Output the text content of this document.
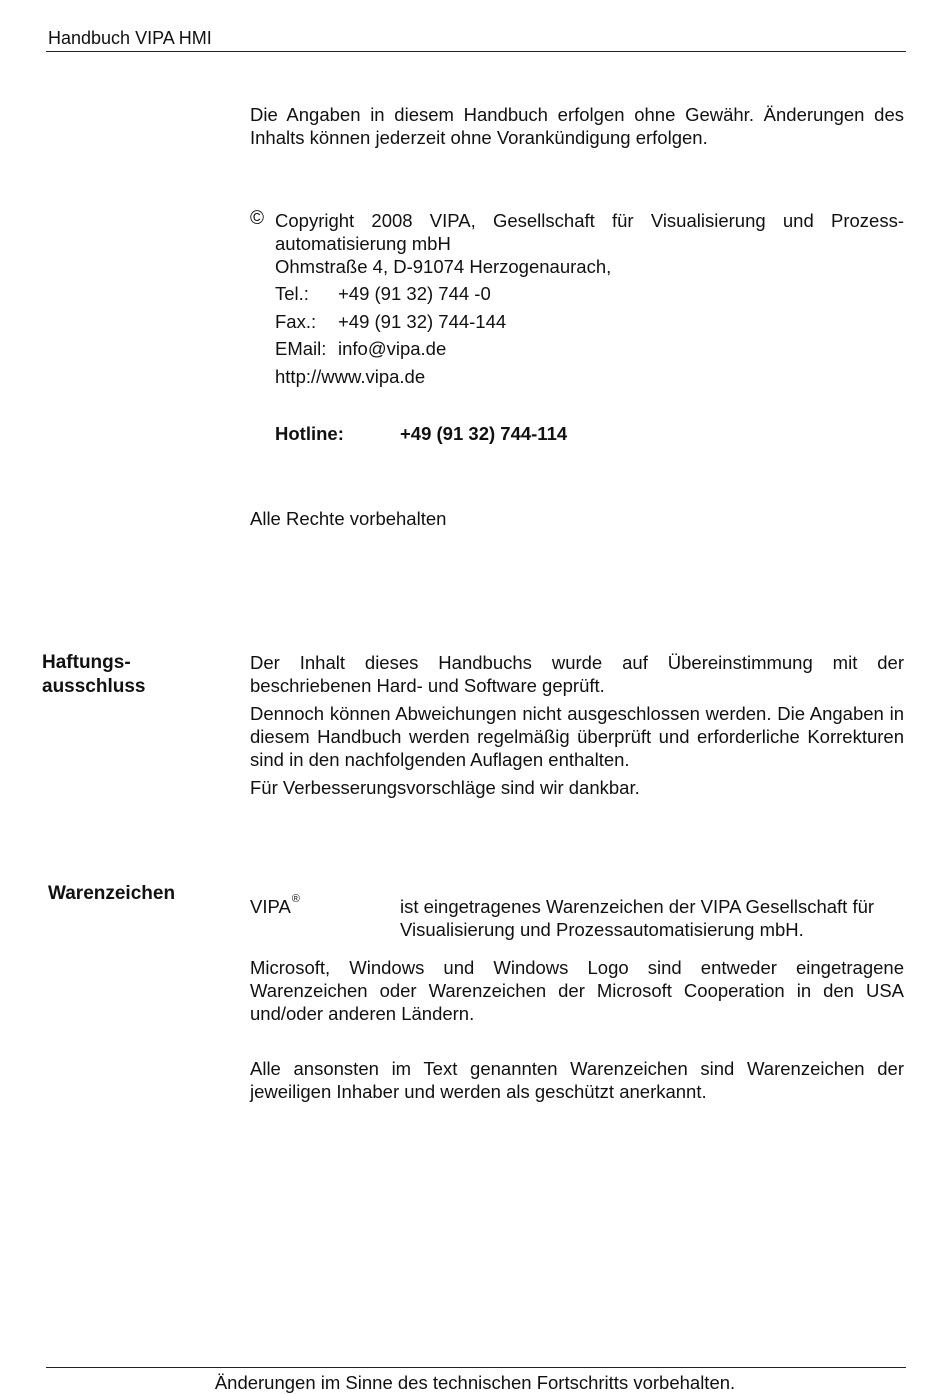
Handbuch VIPA HMI
Die Angaben in diesem Handbuch erfolgen ohne Gewähr. Änderungen des Inhalts können jederzeit ohne Vorankündigung erfolgen.
© Copyright 2008 VIPA, Gesellschaft für Visualisierung und Prozess-automatisierung mbH
Ohmstraße 4, D-91074 Herzogenaurach,
Tel.: +49 (91 32) 744 -0
Fax.: +49 (91 32) 744-144
EMail: info@vipa.de
http://www.vipa.de
Hotline:	+49 (91 32) 744-114
Alle Rechte vorbehalten
Haftungs-
ausschluss

Der Inhalt dieses Handbuchs wurde auf Übereinstimmung mit der beschriebenen Hard- und Software geprüft.

Dennoch können Abweichungen nicht ausgeschlossen werden. Die Angaben in diesem Handbuch werden regelmäßig überprüft und erforderliche Korrekturen sind in den nachfolgenden Auflagen enthalten.

Für Verbesserungsvorschläge sind wir dankbar.

Warenzeichen
VIPA®	ist eingetragenes Warenzeichen der VIPA Gesellschaft für Visualisierung und Prozessautomatisierung mbH.
Microsoft, Windows und Windows Logo sind entweder eingetragene Warenzeichen oder Warenzeichen der Microsoft Cooperation in den USA und/oder anderen Ländern.
Alle ansonsten im Text genannten Warenzeichen sind Warenzeichen der jeweiligen Inhaber und werden als geschützt anerkannt.
Änderungen im Sinne des technischen Fortschritts vorbehalten.
